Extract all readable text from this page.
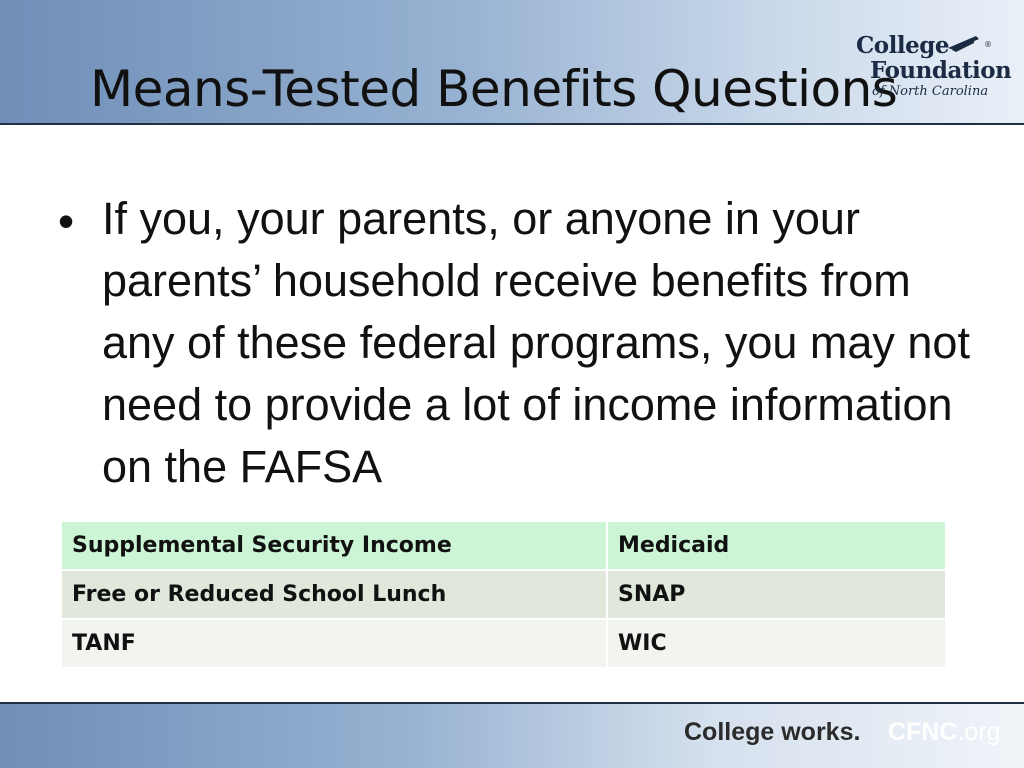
Means-Tested Benefits Questions
College	®
Foundation
of North Carolina
• If you, your parents, or anyone in your parents’ household receive benefits from any of these federal programs, you may not need to provide a lot of income information on the FAFSA
Supplemental Security Income	Medicaid
Free or Reduced School Lunch	SNAP
TANF	WIC
College works. CFNC.org
